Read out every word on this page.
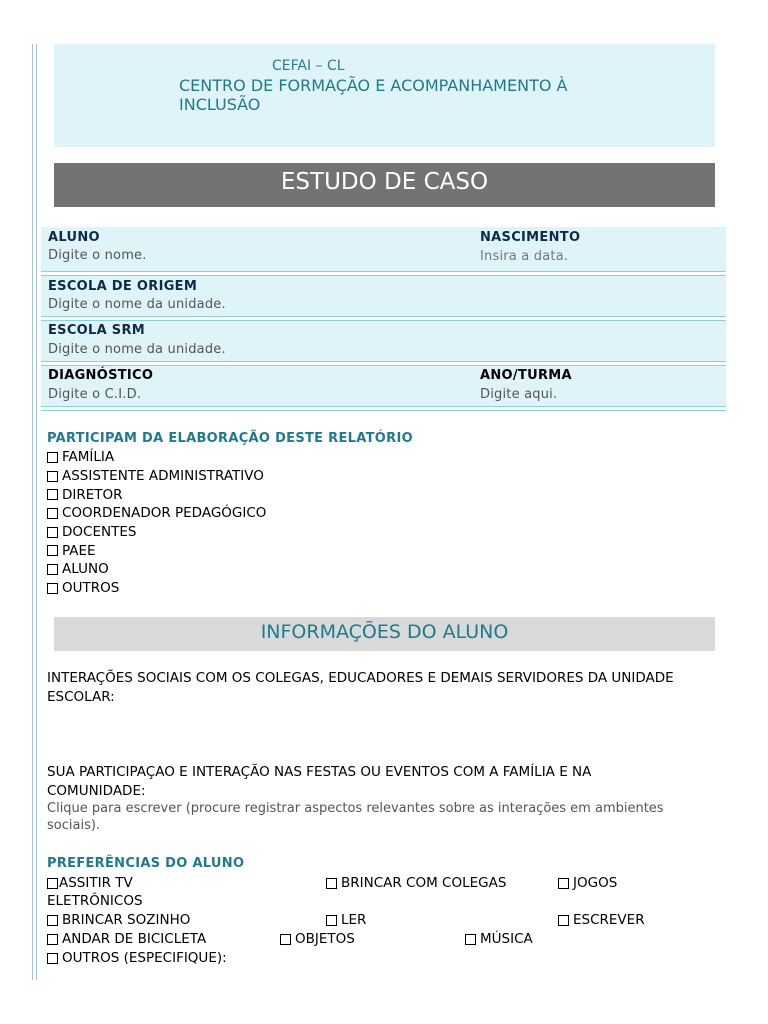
CEFAI – CL
CENTRO DE FORMAÇÃO E ACOMPANHAMENTO À INCLUSÃO
ESTUDO DE CASO
ALUNO
Digite o nome.
NASCIMENTO
Insira a data.
ESCOLA DE ORIGEM
Digite o nome da unidade.
ESCOLA SRM
Digite o nome da unidade.
DIAGNÓSTICO
Digite o C.I.D.
ANO/TURMA
Digite aqui.
PARTICIPAM DA ELABORAÇÃO DESTE RELATÓRIO
FAMÍLIA
ASSISTENTE ADMINISTRATIVO
DIRETOR
COORDENADOR PEDAGÓGICO
DOCENTES
PAEE
ALUNO
OUTROS
INFORMAÇÕES DO ALUNO
INTERAÇÕES SOCIAIS COM OS COLEGAS, EDUCADORES E DEMAIS SERVIDORES DA UNIDADE ESCOLAR:
SUA PARTICIPAÇAO E INTERAÇÃO NAS FESTAS OU EVENTOS COM A FAMÍLIA E NA COMUNIDADE:
Clique para escrever (procure registrar aspectos relevantes sobre as interações em ambientes sociais).
PREFERÊNCIAS DO ALUNO
ASSITIR TV	BRINCAR COM COLEGAS	JOGOS
ELETRÔNICOS
BRINCAR SOZINHO	LER	ESCREVER
ANDAR DE BICICLETA	OBJETOS	MÚSICA
OUTROS (ESPECIFIQUE):
